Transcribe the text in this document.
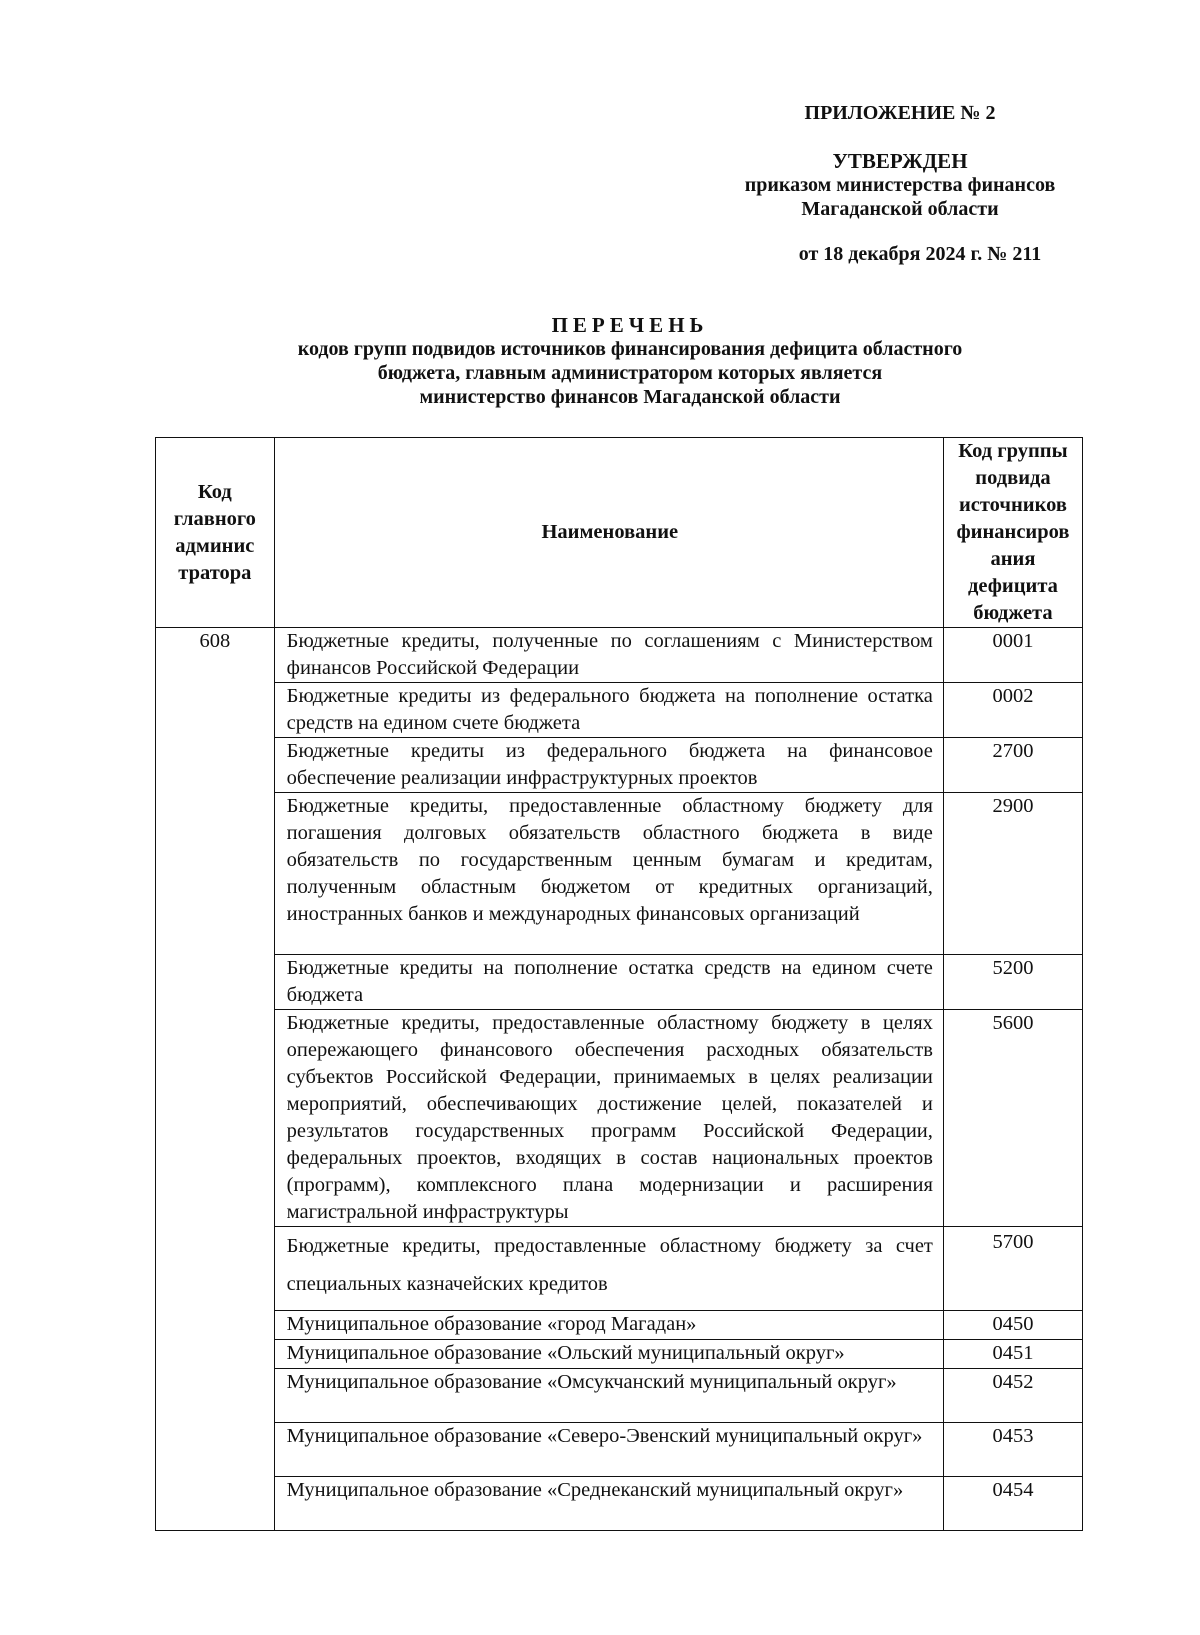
ПРИЛОЖЕНИЕ № 2
УТВЕРЖДЕН
приказом министерства финансов
Магаданской области
от 18 декабря 2024 г. № 211
ПЕРЕЧЕНЬ
кодов групп подвидов источников финансирования дефицита областного
бюджета, главным администратором которых является
министерство финансов Магаданской области
Код главного админис тратора	Наименование	Код группы подвида источников финансиров ания дефицита бюджета
608	Бюджетные кредиты, полученные по соглашениям с Министерством финансов Российской Федерации	0001
	Бюджетные кредиты из федерального бюджета на пополнение остатка средств на едином счете бюджета	0002
	Бюджетные кредиты из федерального бюджета на финансовое обеспечение реализации инфраструктурных проектов	2700
	Бюджетные кредиты, предоставленные областному бюджету для погашения долговых обязательств областного бюджета в виде обязательств по государственным ценным бумагам и кредитам, полученным областным бюджетом от кредитных организаций, иностранных банков и международных финансовых организаций	2900
	Бюджетные кредиты на пополнение остатка средств на едином счете бюджета	5200
	Бюджетные кредиты, предоставленные областному бюджету в целях опережающего финансового обеспечения расходных обязательств субъектов Российской Федерации, принимаемых в целях реализации мероприятий, обеспечивающих достижение целей, показателей и результатов государственных программ Российской Федерации, федеральных проектов, входящих в состав национальных проектов (программ), комплексного плана модернизации и расширения магистральной инфраструктуры	5600
	Бюджетные кредиты, предоставленные областному бюджету за счет специальных казначейских кредитов	5700
	Муниципальное образование «город Магадан»	0450
	Муниципальное образование «Ольский муниципальный округ»	0451
	Муниципальное образование «Омсукчанский муниципальный округ»	0452
	Муниципальное образование «Северо-Эвенский муниципальный округ»	0453
	Муниципальное образование «Среднеканский муниципальный округ»	0454
